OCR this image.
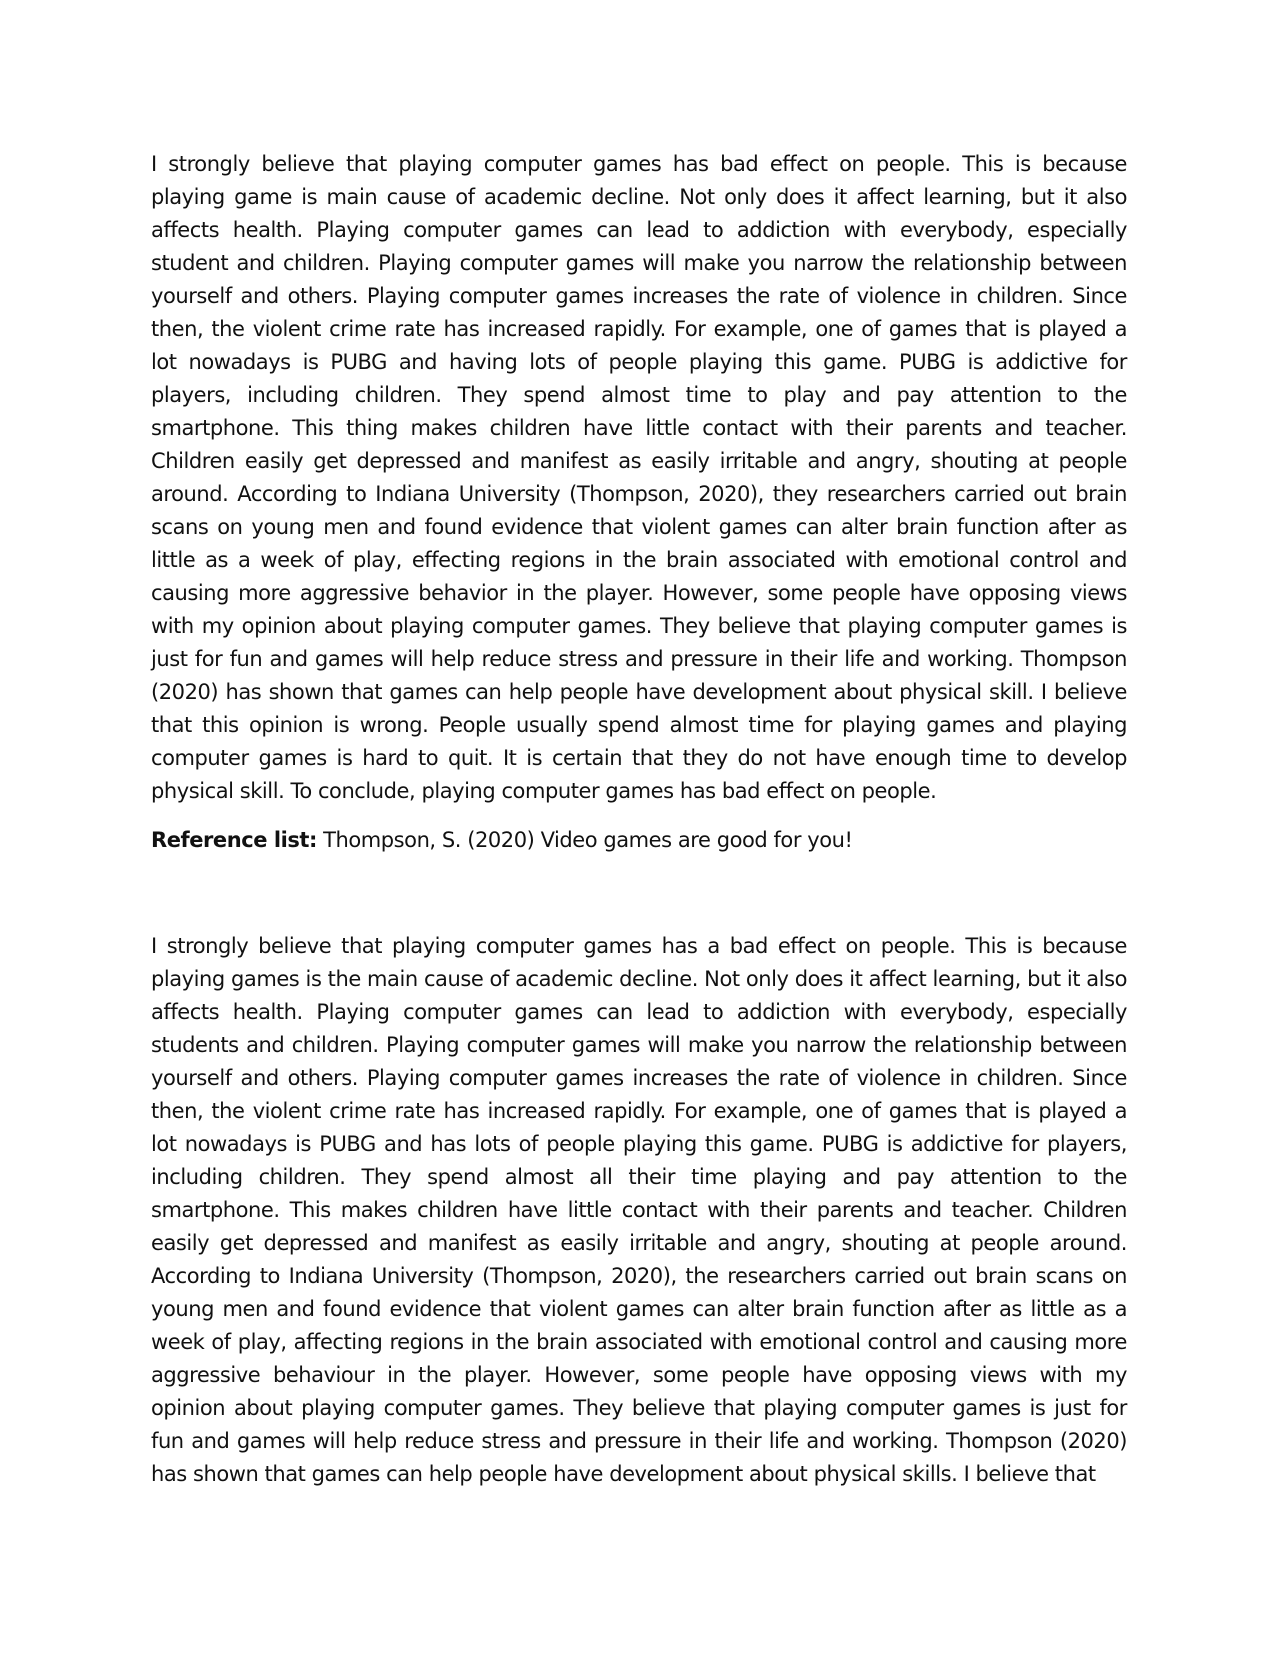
I strongly believe that playing computer games has bad effect on people. This is because playing game is main cause of academic decline. Not only does it affect learning, but it also affects health. Playing computer games can lead to addiction with everybody, especially student and children. Playing computer games will make you narrow the relationship between yourself and others. Playing computer games increases the rate of violence in children. Since then, the violent crime rate has increased rapidly. For example, one of games that is played a lot nowadays is PUBG and having lots of people playing this game. PUBG is addictive for players, including children. They spend almost time to play and pay attention to the smartphone. This thing makes children have little contact with their parents and teacher. Children easily get depressed and manifest as easily irritable and angry, shouting at people around. According to Indiana University (Thompson, 2020), they researchers carried out brain scans on young men and found evidence that violent games can alter brain function after as little as a week of play, effecting regions in the brain associated with emotional control and causing more aggressive behavior in the player. However, some people have opposing views with my opinion about playing computer games. They believe that playing computer games is just for fun and games will help reduce stress and pressure in their life and working. Thompson (2020) has shown that games can help people have development about physical skill. I believe that this opinion is wrong. People usually spend almost time for playing games and playing computer games is hard to quit. It is certain that they do not have enough time to develop physical skill. To conclude, playing computer games has bad effect on people.

Reference list: Thompson, S. (2020) Video games are good for you!

I strongly believe that playing computer games has a bad effect on people. This is because playing games is the main cause of academic decline. Not only does it affect learning, but it also affects health. Playing computer games can lead to addiction with everybody, especially students and children. Playing computer games will make you narrow the relationship between yourself and others. Playing computer games increases the rate of violence in children. Since then, the violent crime rate has increased rapidly. For example, one of games that is played a lot nowadays is PUBG and has lots of people playing this game. PUBG is addictive for players, including children. They spend almost all their time playing and pay attention to the smartphone. This makes children have little contact with their parents and teacher. Children easily get depressed and manifest as easily irritable and angry, shouting at people around. According to Indiana University (Thompson, 2020), the researchers carried out brain scans on young men and found evidence that violent games can alter brain function after as little as a week of play, affecting regions in the brain associated with emotional control and causing more aggressive behaviour in the player. However, some people have opposing views with my opinion about playing computer games. They believe that playing computer games is just for fun and games will help reduce stress and pressure in their life and working. Thompson (2020) has shown that games can help people have development about physical skills. I believe that
